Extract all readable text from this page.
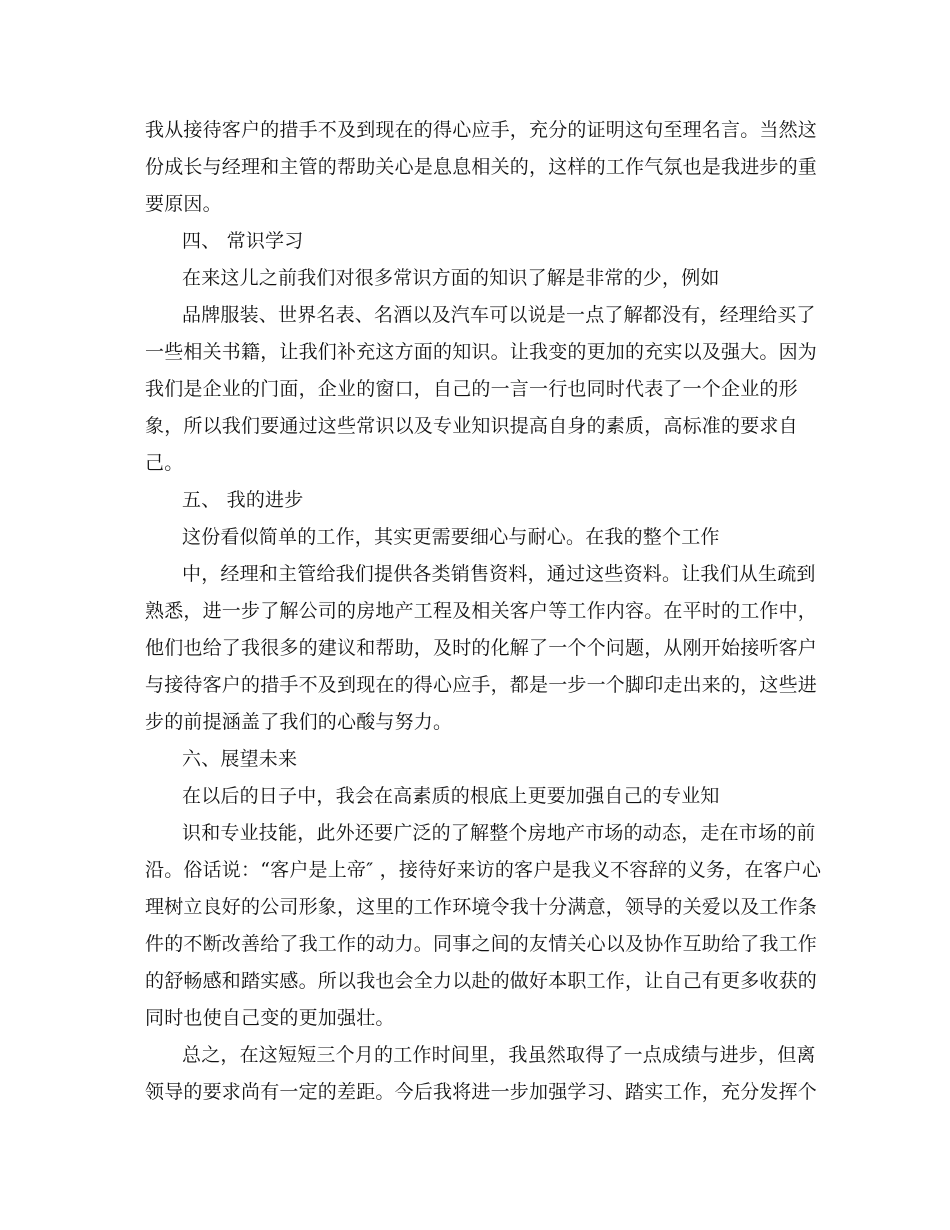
我从接待客户的措手不及到现在的得心应手，充分的证明这句至理名言。当然这
份成长与经理和主管的帮助关心是息息相关的，这样的工作气氛也是我进步的重
要原因。
四、 常识学习
在来这儿之前我们对很多常识方面的知识了解是非常的少，例如
品牌服装、世界名表、名酒以及汽车可以说是一点了解都没有，经理给买了
一些相关书籍，让我们补充这方面的知识。让我变的更加的充实以及强大。因为
我们是企业的门面，企业的窗口，自己的一言一行也同时代表了一个企业的形
象，所以我们要通过这些常识以及专业知识提高自身的素质，高标准的要求自
己。
五、 我的进步
这份看似简单的工作，其实更需要细心与耐心。在我的整个工作
中，经理和主管给我们提供各类销售资料，通过这些资料。让我们从生疏到
熟悉，进一步了解公司的房地产工程及相关客户等工作内容。在平时的工作中，
他们也给了我很多的建议和帮助，及时的化解了一个个问题，从刚开始接听客户
与接待客户的措手不及到现在的得心应手，都是一步一个脚印走出来的，这些进
步的前提涵盖了我们的心酸与努力。
六、展望未来
在以后的日子中，我会在高素质的根底上更要加强自己的专业知
识和专业技能，此外还要广泛的了解整个房地产市场的动态，走在市场的前
沿。俗话说：“客户是上帝″ ，接待好来访的客户是我义不容辞的义务，在客户心
理树立良好的公司形象，这里的工作环境令我十分满意，领导的关爱以及工作条
件的不断改善给了我工作的动力。同事之间的友情关心以及协作互助给了我工作
的舒畅感和踏实感。所以我也会全力以赴的做好本职工作，让自己有更多收获的
同时也使自己变的更加强壮。
总之，在这短短三个月的工作时间里，我虽然取得了一点成绩与进步，但离
领导的要求尚有一定的差距。今后我将进一步加强学习、踏实工作，充分发挥个
